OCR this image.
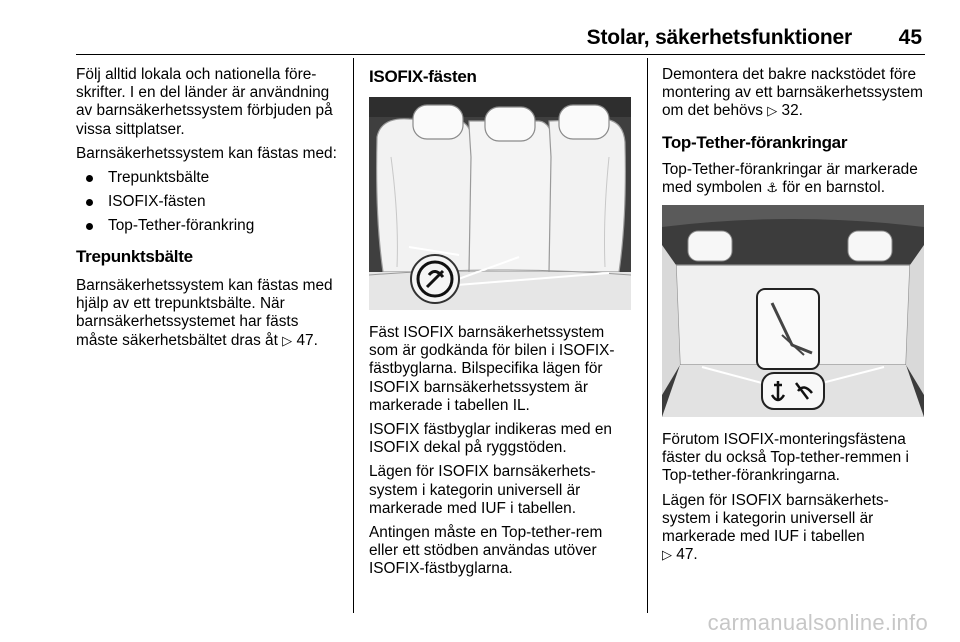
Stolar, säkerhetsfunktioner 45

Följ alltid lokala och nationella föreskrifter. I en del länder är användning av barnsäkerhetssystem förbjuden på vissa sittplatser.

Barnsäkerhetssystem kan fästas med:

Trepunktsbälte
ISOFIX-fästen
Top-Tether-förankring
Trepunktsbälte

Barnsäkerhetssystem kan fästas med hjälp av ett trepunktsbälte. När barnsäkerhetssystemet har fästs måste säkerhetsbältet dras åt ▷ 47.

ISOFIX-fästen

Fäst ISOFIX barnsäkerhetssystem som är godkända för bilen i ISOFIX-fästbyglarna. Bilspecifika lägen för ISOFIX barnsäkerhetssystem är markerade i tabellen IL.

ISOFIX fästbyglar indikeras med en ISOFIX dekal på ryggstöden.

Lägen för ISOFIX barnsäkerhetssystem i kategorin universell är markerade med IUF i tabellen.

Antingen måste en Top-tether-rem eller ett stödben användas utöver ISOFIX-fästbyglarna.

Demontera det bakre nackstödet före montering av ett barnsäkerhetssystem om det behövs ▷ 32.

Top-Tether-förankringar

Top-Tether-förankringar är markerade med symbolen ⚓ för en barnstol.

Förutom ISOFIX-monteringsfästena fäster du också Top-tether-remmen i Top-tether-förankringarna.

Lägen för ISOFIX barnsäkerhetssystem i kategorin universell är markerade med IUF i tabellen
▷ 47.

carmanualsonline.info
